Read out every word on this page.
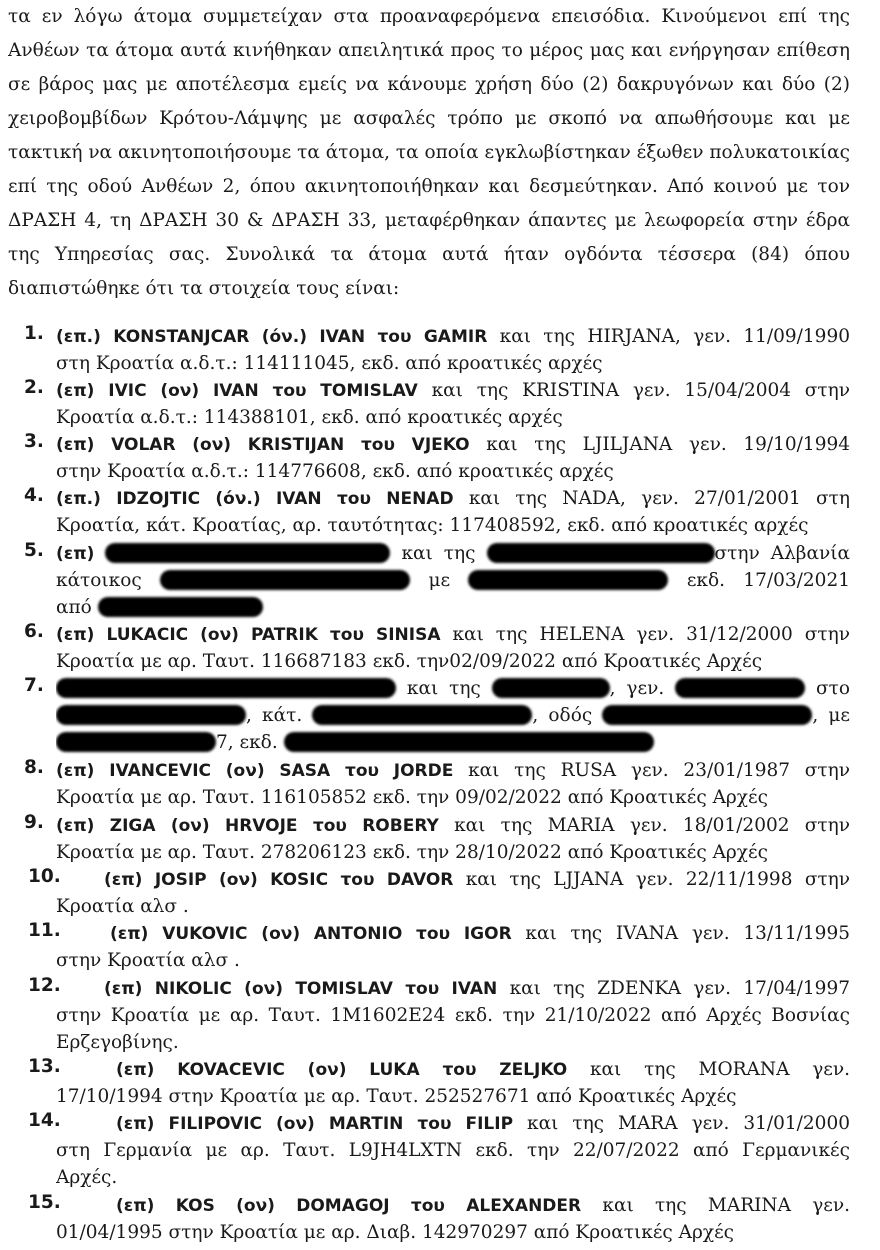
τα εν λόγω άτομα συμμετείχαν στα προαναφερόμενα επεισόδια. Κινούμενοι επί της
Ανθέων τα άτομα αυτά κινήθηκαν απειλητικά προς το μέρος μας και ενήργησαν επίθεση
σε βάρος μας με αποτέλεσμα εμείς να κάνουμε χρήση δύο (2) δακρυγόνων και δύο (2)
χειροβομβίδων Κρότου-Λάμψης με ασφαλές τρόπο με σκοπό να απωθήσουμε και με
τακτική να ακινητοποιήσουμε τα άτομα, τα οποία εγκλωβίστηκαν έξωθεν πολυκατοικίας
επί της οδού Ανθέων 2, όπου ακινητοποιήθηκαν και δεσμεύτηκαν. Από κοινού με τον
ΔΡΑΣΗ 4, τη ΔΡΑΣΗ 30 & ΔΡΑΣΗ 33, μεταφέρθηκαν άπαντες με λεωφορεία στην έδρα
της Υπηρεσίας σας. Συνολικά τα άτομα αυτά ήταν ογδόντα τέσσερα (84) όπου
διαπιστώθηκε ότι τα στοιχεία τους είναι:
1. (επ.) KONSTANJCAR (όν.) IVAN του GAMIR και της HIRJANA, γεν. 11/09/1990
στη Κροατία α.δ.τ.: 114111045, εκδ. από κροατικές αρχές
2. (επ) IVIC (ον) IVAN του TOMISLAV και της KRISTINA γεν. 15/04/2004 στην
Κροατία α.δ.τ.: 114388101, εκδ. από κροατικές αρχές
3. (επ) VOLAR (ον) KRISTIJAN του VJEKO και της LJILJANA γεν. 19/10/1994
στην Κροατία α.δ.τ.: 114776608, εκδ. από κροατικές αρχές
4. (επ.) IDZOJTIC (όν.) IVAN του NENAD και της NADA, γεν. 27/01/2001 στη
Κροατία, κάτ. Κροατίας, αρ. ταυτότητας: 117408592, εκδ. από κροατικές αρχές
5. (επ)	και της	στην Αλβανία
κάτοικος	με	εκδ. 17/03/2021
από
6. (επ) LUKACIC (ον) PATRIK του SINISA και της HELENA γεν. 31/12/2000 στην
Κροατία με αρ. Ταυτ. 116687183 εκδ. την02/09/2022 από Κροατικές Αρχές
7.	και της	, γεν.	στο
, κάτ.	, οδός	, με
7, εκδ.
8. (επ) IVANCEVIC (ον) SASA του JORDE και της RUSA γεν. 23/01/1987 στην
Κροατία με αρ. Ταυτ. 116105852 εκδ. την 09/02/2022 από Κροατικές Αρχές
9. (επ) ZIGA (ον) HRVOJE του ROBERY και της MARIA γεν. 18/01/2002 στην
Κροατία με αρ. Ταυτ. 278206123 εκδ. την 28/10/2022 από Κροατικές Αρχές
10.	(επ) JOSIP (ον) KOSIC του DAVOR και της LJJANA γεν. 22/11/1998 στην
Κροατία αλσ .
11.	(επ) VUKOVIC (ον) ANTONIO του IGOR και της IVANA γεν. 13/11/1995
στην Κροατία αλσ .
12.	(επ) NIKOLIC (ον) TOMISLAV του IVAN και της ZDENKA γεν. 17/04/1997
στην Κροατία με αρ. Ταυτ. 1M1602E24 εκδ. την 21/10/2022 από Αρχές Βοσνίας
Ερζεγοβίνης.
13.	(επ) KOVACEVIC (ον) LUKA του ZELJKO και της MORANA γεν.
17/10/1994 στην Κροατία με αρ. Ταυτ. 252527671 από Κροατικές Αρχές
14.	(επ) FILIPOVIC (ον) MARTIN του FILIP και της MARA γεν. 31/01/2000
στη Γερμανία με αρ. Ταυτ. L9JH4LXTN εκδ. την 22/07/2022 από Γερμανικές
Αρχές.
15.	(επ) KOS (ον) DOMAGOJ του ALEXANDER και της MARINA γεν.
01/04/1995 στην Κροατία με αρ. Διαβ. 142970297 από Κροατικές Αρχές
